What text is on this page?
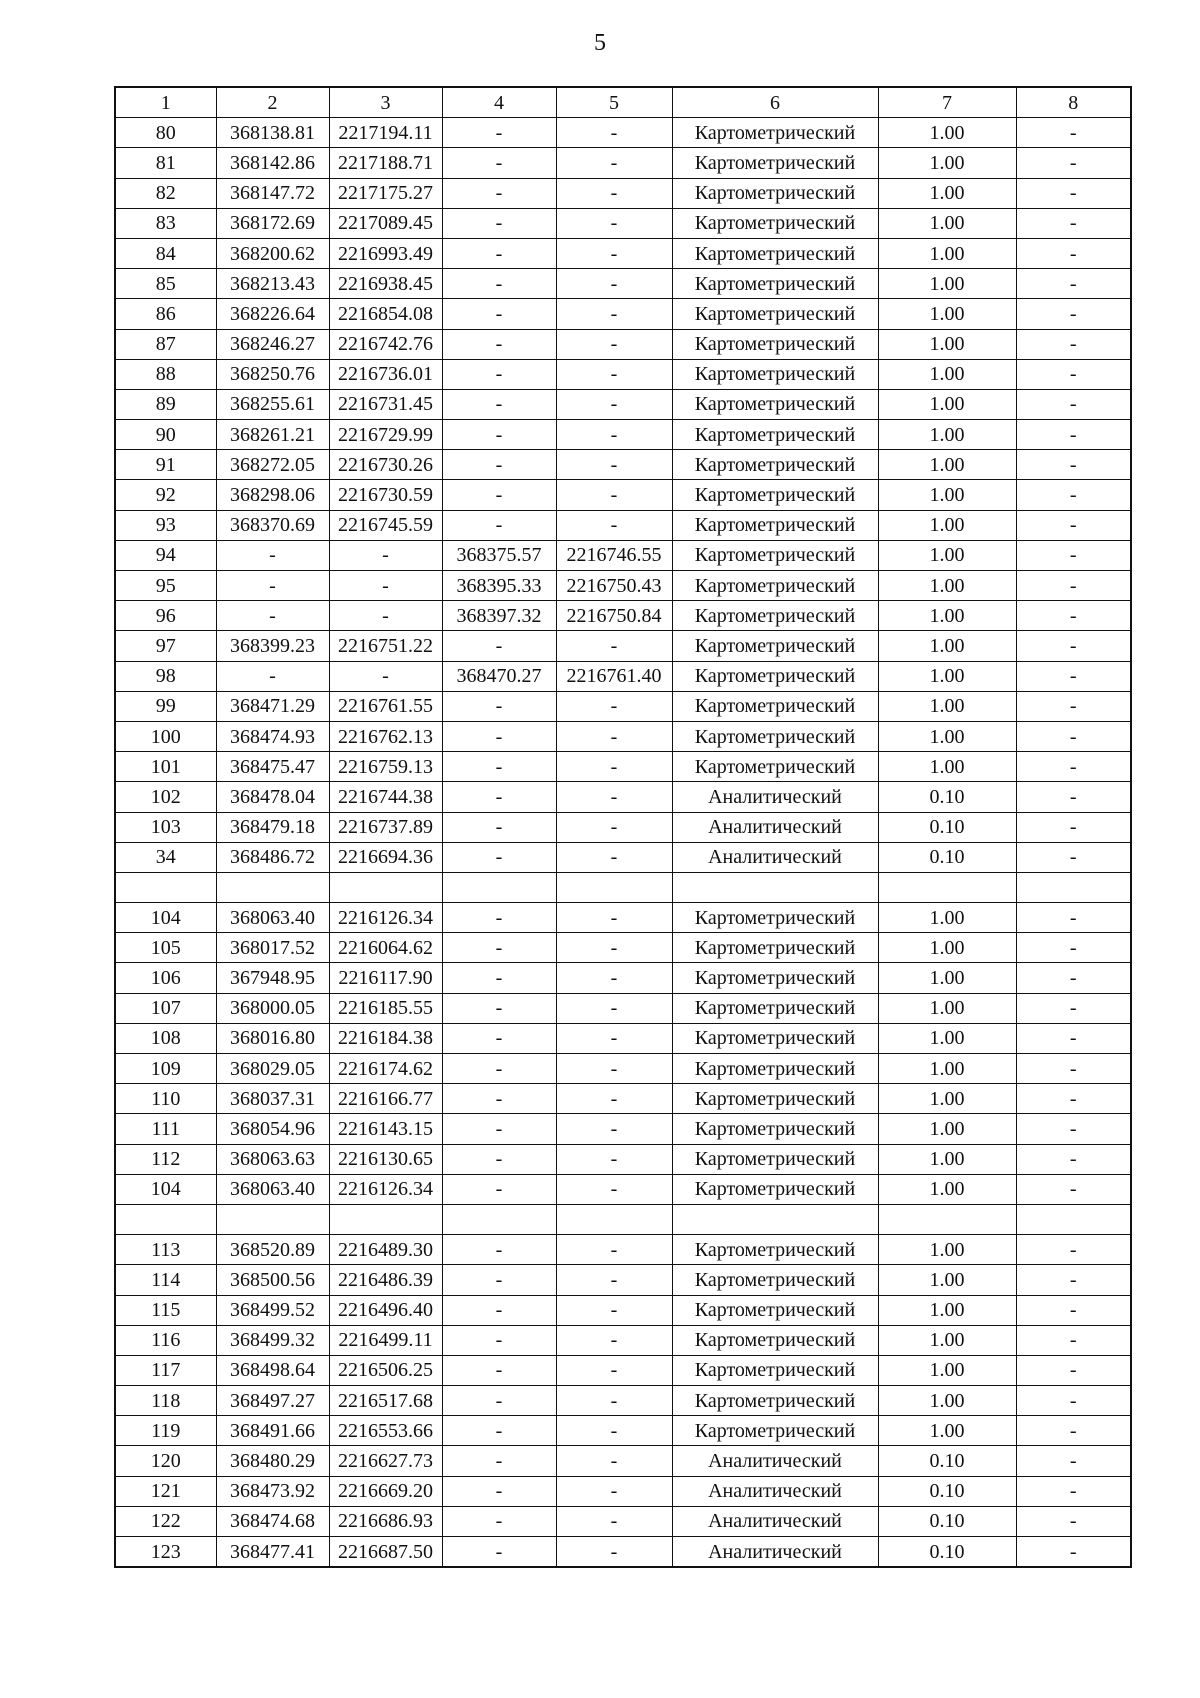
5
1	2	3	4	5	6	7	8
80	368138.81	2217194.11	-	-	Картометрический	1.00	-
81	368142.86	2217188.71	-	-	Картометрический	1.00	-
82	368147.72	2217175.27	-	-	Картометрический	1.00	-
83	368172.69	2217089.45	-	-	Картометрический	1.00	-
84	368200.62	2216993.49	-	-	Картометрический	1.00	-
85	368213.43	2216938.45	-	-	Картометрический	1.00	-
86	368226.64	2216854.08	-	-	Картометрический	1.00	-
87	368246.27	2216742.76	-	-	Картометрический	1.00	-
88	368250.76	2216736.01	-	-	Картометрический	1.00	-
89	368255.61	2216731.45	-	-	Картометрический	1.00	-
90	368261.21	2216729.99	-	-	Картометрический	1.00	-
91	368272.05	2216730.26	-	-	Картометрический	1.00	-
92	368298.06	2216730.59	-	-	Картометрический	1.00	-
93	368370.69	2216745.59	-	-	Картометрический	1.00	-
94	-	-	368375.57	2216746.55	Картометрический	1.00	-
95	-	-	368395.33	2216750.43	Картометрический	1.00	-
96	-	-	368397.32	2216750.84	Картометрический	1.00	-
97	368399.23	2216751.22	-	-	Картометрический	1.00	-
98	-	-	368470.27	2216761.40	Картометрический	1.00	-
99	368471.29	2216761.55	-	-	Картометрический	1.00	-
100	368474.93	2216762.13	-	-	Картометрический	1.00	-
101	368475.47	2216759.13	-	-	Картометрический	1.00	-
102	368478.04	2216744.38	-	-	Аналитический	0.10	-
103	368479.18	2216737.89	-	-	Аналитический	0.10	-
34	368486.72	2216694.36	-	-	Аналитический	0.10	-

104	368063.40	2216126.34	-	-	Картометрический	1.00	-
105	368017.52	2216064.62	-	-	Картометрический	1.00	-
106	367948.95	2216117.90	-	-	Картометрический	1.00	-
107	368000.05	2216185.55	-	-	Картометрический	1.00	-
108	368016.80	2216184.38	-	-	Картометрический	1.00	-
109	368029.05	2216174.62	-	-	Картометрический	1.00	-
110	368037.31	2216166.77	-	-	Картометрический	1.00	-
111	368054.96	2216143.15	-	-	Картометрический	1.00	-
112	368063.63	2216130.65	-	-	Картометрический	1.00	-
104	368063.40	2216126.34	-	-	Картометрический	1.00	-

113	368520.89	2216489.30	-	-	Картометрический	1.00	-
114	368500.56	2216486.39	-	-	Картометрический	1.00	-
115	368499.52	2216496.40	-	-	Картометрический	1.00	-
116	368499.32	2216499.11	-	-	Картометрический	1.00	-
117	368498.64	2216506.25	-	-	Картометрический	1.00	-
118	368497.27	2216517.68	-	-	Картометрический	1.00	-
119	368491.66	2216553.66	-	-	Картометрический	1.00	-
120	368480.29	2216627.73	-	-	Аналитический	0.10	-
121	368473.92	2216669.20	-	-	Аналитический	0.10	-
122	368474.68	2216686.93	-	-	Аналитический	0.10	-
123	368477.41	2216687.50	-	-	Аналитический	0.10	-
